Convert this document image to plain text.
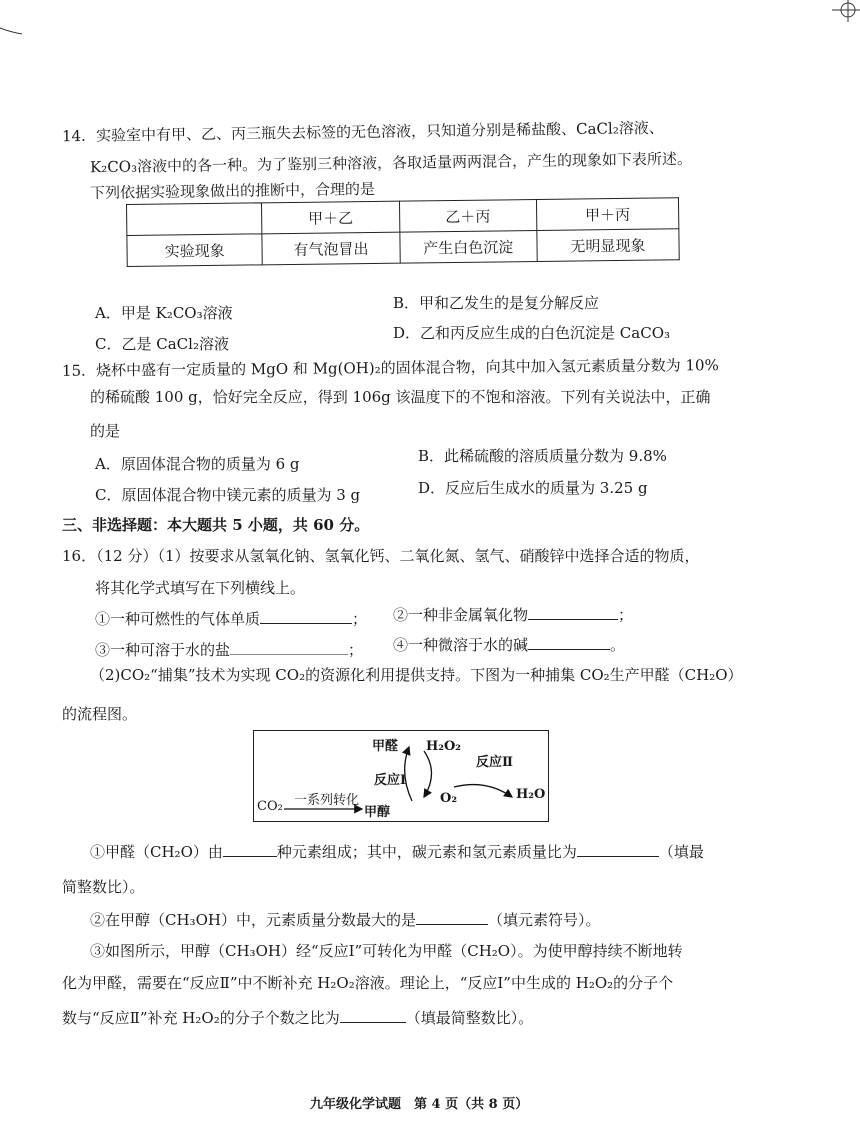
14．实验室中有甲、乙、丙三瓶失去标签的无色溶液，只知道分别是稀盐酸、CaCl₂溶液、
K₂CO₃溶液中的各一种。为了鉴别三种溶液，各取适量两两混合，产生的现象如下表所述。
下列依据实验现象做出的推断中，合理的是
	甲＋乙	乙＋丙	甲＋丙
实验现象	有气泡冒出	产生白色沉淀	无明显现象
A．甲是 K₂CO₃溶液
B．甲和乙发生的是复分解反应
C．乙是 CaCl₂溶液
D．乙和丙反应生成的白色沉淀是 CaCO₃
15．烧杯中盛有一定质量的 MgO 和 Mg(OH)₂的固体混合物，向其中加入氢元素质量分数为 10%
的稀硫酸 100 g，恰好完全反应，得到 106g 该温度下的不饱和溶液。下列有关说法中，正确
的是
A．原固体混合物的质量为 6 g	B．此稀硫酸的溶质质量分数为 9.8%
C．原固体混合物中镁元素的质量为 3 g	D．反应后生成水的质量为 3.25 g
三、非选择题：本大题共 5 小题，共 60 分。
16．（12 分）（1）按要求从氢氧化钠、氢氧化钙、二氧化氮、氢气、硝酸锌中选择合适的物质，
将其化学式填写在下列横线上。
①一种可燃性的气体单质	； ②一种非金属氧化物	；
③一种可溶于水的盐	； ④一种微溶于水的碱	。
（2)CO₂“捕集”技术为实现 CO₂的资源化利用提供支持。下图为一种捕集 CO₂生产甲醛（CH₂O）
的流程图。
甲醛 H₂O₂
反应Ⅰ
反应Ⅱ
一系列转化
CO₂	甲醇
O₂	H₂O
①甲醛（CH₂O）由	种元素组成；其中，碳元素和氢元素质量比为	（填最
简整数比）。
②在甲醇（CH₃OH）中，元素质量分数最大的是	（填元素符号）。
③如图所示，甲醇（CH₃OH）经“反应Ⅰ”可转化为甲醛（CH₂O）。为使甲醇持续不断地转
化为甲醛，需要在“反应Ⅱ”中不断补充 H₂O₂溶液。理论上，“反应Ⅰ”中生成的 H₂O₂的分子个
数与“反应Ⅱ”补充 H₂O₂的分子个数之比为	（填最简整数比）。
九年级化学试题　第 4 页（共 8 页）
